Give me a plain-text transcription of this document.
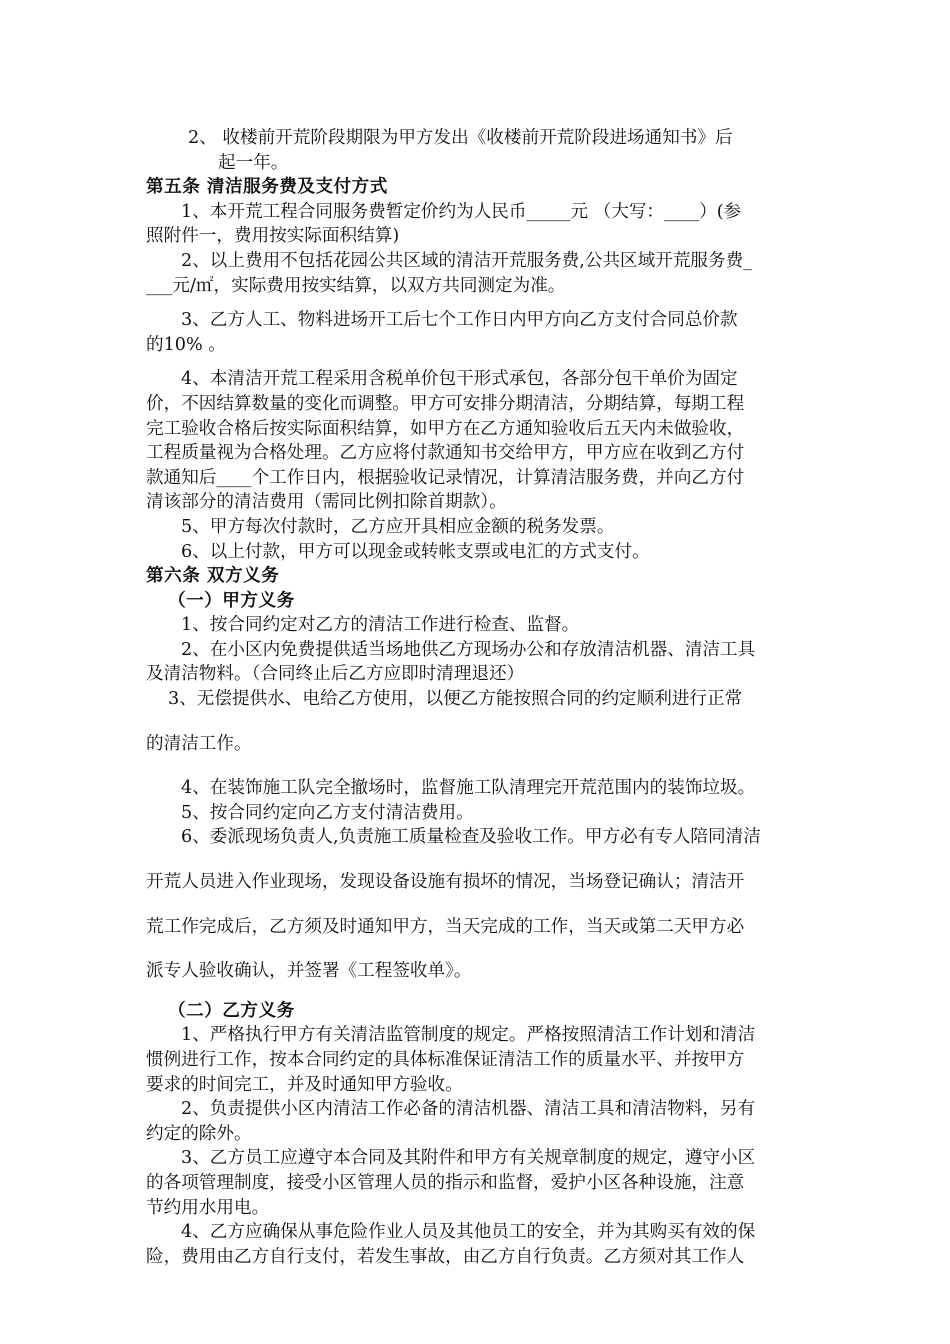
2、 收楼前开荒阶段期限为甲方发出《收楼前开荒阶段进场通知书》后

起一年。

第五条 清洁服务费及支付方式

1、本开荒工程合同服务费暂定价约为人民币_____元 （大写：____）(参

照附件一，费用按实际面积结算)

2、以上费用不包括花园公共区域的清洁开荒服务费,公共区域开荒服务费_

___元/㎡，实际费用按实结算，以双方共同测定为准。

3、乙方人工、物料进场开工后七个工作日内甲方向乙方支付合同总价款

的10% 。

4、本清洁开荒工程采用含税单价包干形式承包，各部分包干单价为固定

价，不因结算数量的变化而调整。甲方可安排分期清洁，分期结算，每期工程

完工验收合格后按实际面积结算，如甲方在乙方通知验收后五天内未做验收，

工程质量视为合格处理。乙方应将付款通知书交给甲方，甲方应在收到乙方付

款通知后____个工作日内，根据验收记录情况，计算清洁服务费，并向乙方付

清该部分的清洁费用（需同比例扣除首期款）。

5、甲方每次付款时，乙方应开具相应金额的税务发票。

6、以上付款，甲方可以现金或转帐支票或电汇的方式支付。

第六条 双方义务

（一）甲方义务

1、按合同约定对乙方的清洁工作进行检查、监督。

2、在小区内免费提供适当场地供乙方现场办公和存放清洁机器、清洁工具

及清洁物料。（合同终止后乙方应即时清理退还）

3、无偿提供水、电给乙方使用，以便乙方能按照合同的约定顺利进行正常

的清洁工作。

4、在装饰施工队完全撤场时，监督施工队清理完开荒范围内的装饰垃圾。

5、按合同约定向乙方支付清洁费用。

6、委派现场负责人,负责施工质量检查及验收工作。甲方必有专人陪同清洁

开荒人员进入作业现场，发现设备设施有损坏的情况，当场登记确认；清洁开

荒工作完成后，乙方须及时通知甲方，当天完成的工作，当天或第二天甲方必

派专人验收确认，并签署《工程签收单》。

（二）乙方义务

1、严格执行甲方有关清洁监管制度的规定。严格按照清洁工作计划和清洁

惯例进行工作，按本合同约定的具体标准保证清洁工作的质量水平、并按甲方

要求的时间完工，并及时通知甲方验收。

2、负责提供小区内清洁工作必备的清洁机器、清洁工具和清洁物料，另有

约定的除外。

3、乙方员工应遵守本合同及其附件和甲方有关规章制度的规定，遵守小区

的各项管理制度，接受小区管理人员的指示和监督，爱护小区各种设施，注意

节约用水用电。

4、乙方应确保从事危险作业人员及其他员工的安全，并为其购买有效的保

险，费用由乙方自行支付，若发生事故，由乙方自行负责。乙方须对其工作人
